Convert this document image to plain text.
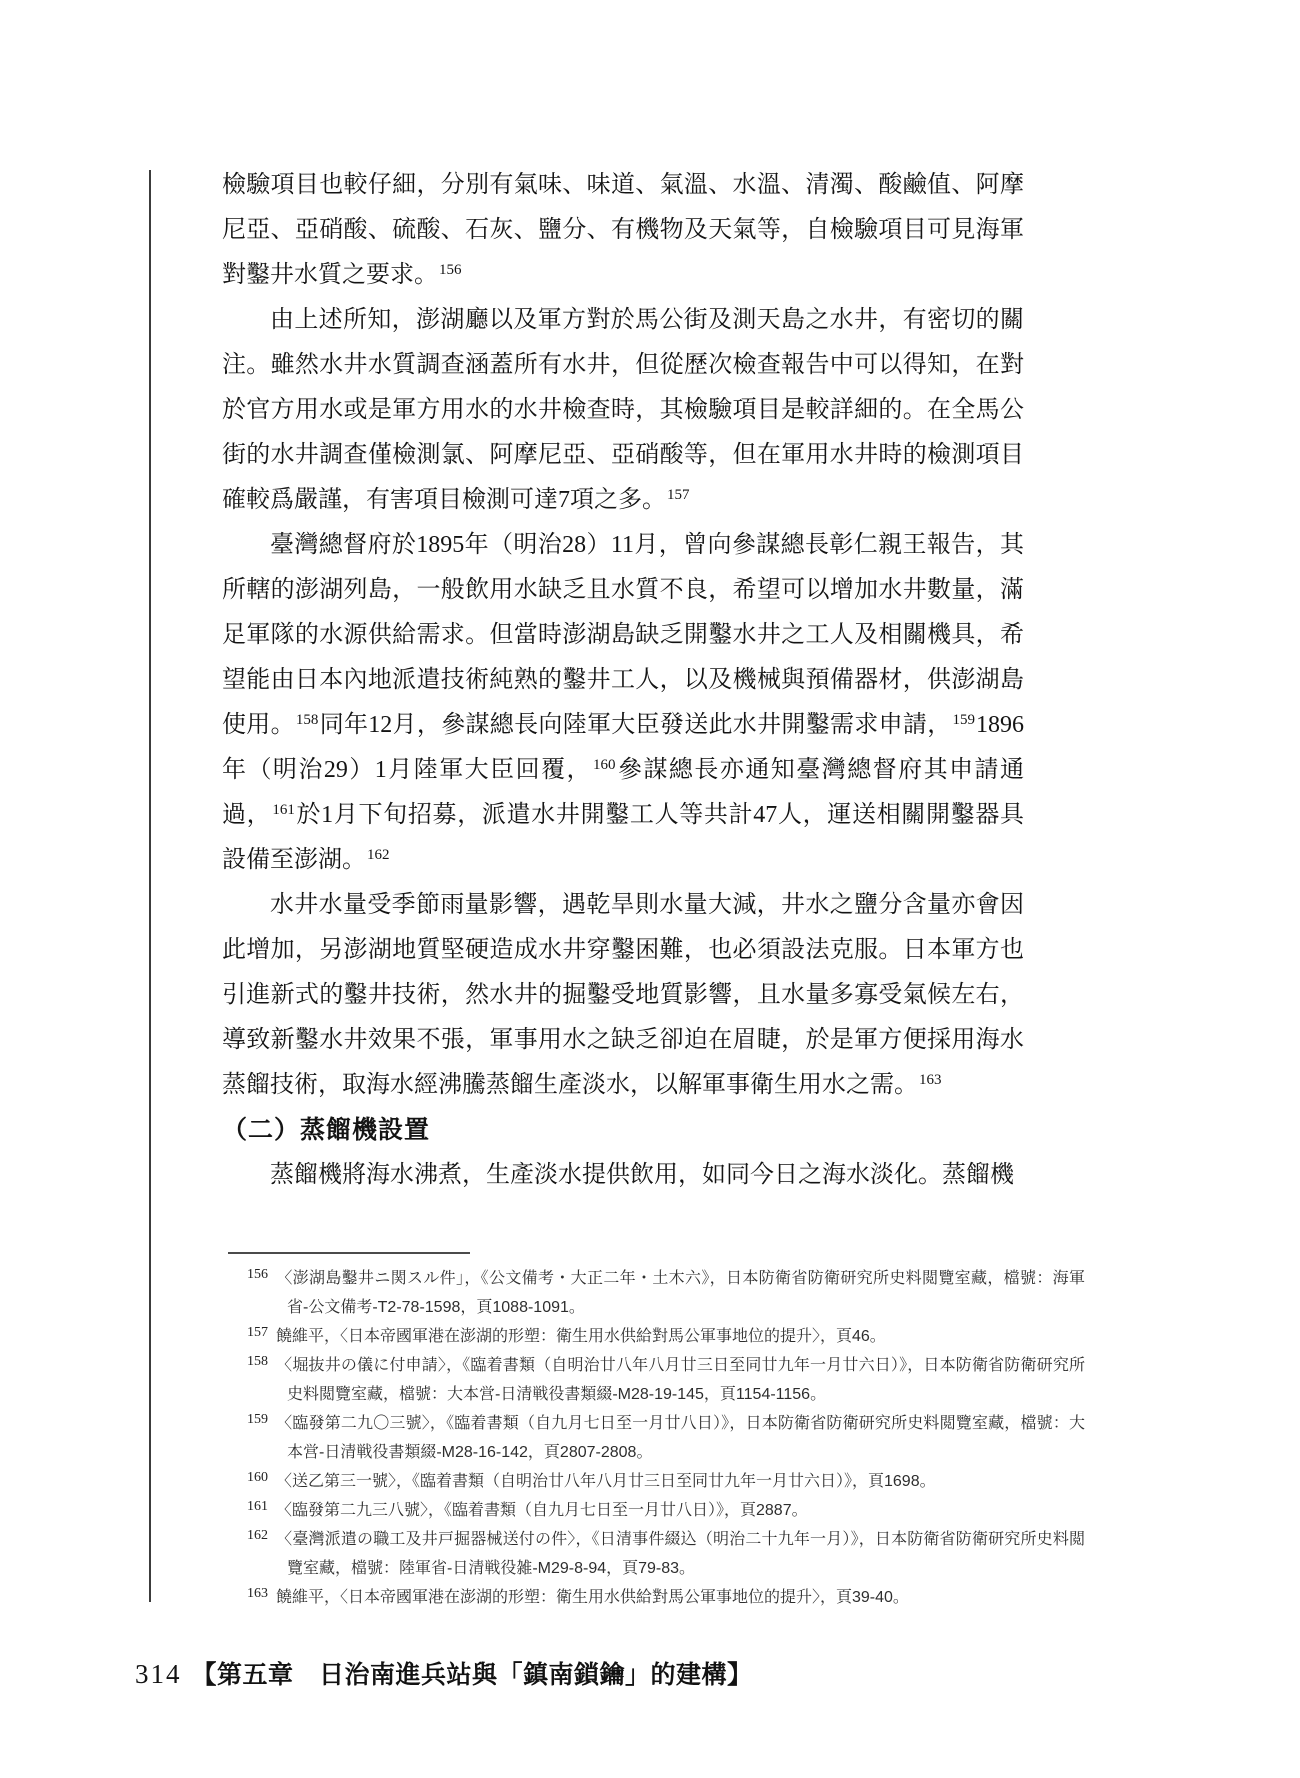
檢驗項目也較仔細，分別有氣味、味道、氣溫、水溫、清濁、酸鹼值、阿摩尼亞、亞硝酸、硫酸、石灰、鹽分、有機物及天氣等，自檢驗項目可見海軍對鑿井水質之要求。$^{156}$

由上述所知，澎湖廳以及軍方對於馬公街及測天島之水井，有密切的關注。雖然水井水質調查涵蓋所有水井，但從歷次檢查報告中可以得知，在對於官方用水或是軍方用水的水井檢查時，其檢驗項目是較詳細的。在全馬公街的水井調查僅檢測氯、阿摩尼亞、亞硝酸等，但在軍用水井時的檢測項目確較爲嚴謹，有害項目檢測可達7項之多。$^{157}$

臺灣總督府於1895年（明治28）11月，曾向參謀總長彰仁親王報告，其所轄的澎湖列島，一般飲用水缺乏且水質不良，希望可以增加水井數量，滿足軍隊的水源供給需求。但當時澎湖島缺乏開鑿水井之工人及相關機具，希望能由日本內地派遣技術純熟的鑿井工人，以及機械與預備器材，供澎湖島使用。$^{158}$同年12月，參謀總長向陸軍大臣發送此水井開鑿需求申請，$^{159}$1896年（明治29）1月陸軍大臣回覆，$^{160}$參謀總長亦通知臺灣總督府其申請通過，$^{161}$於1月下旬招募，派遣水井開鑿工人等共計47人，運送相關開鑿器具設備至澎湖。$^{162}$

水井水量受季節雨量影響，遇乾旱則水量大減，井水之鹽分含量亦會因此增加，另澎湖地質堅硬造成水井穿鑿困難，也必須設法克服。日本軍方也引進新式的鑿井技術，然水井的掘鑿受地質影響，且水量多寡受氣候左右，導致新鑿水井效果不張，軍事用水之缺乏卻迫在眉睫，於是軍方便採用海水蒸餾技術，取海水經沸騰蒸餾生產淡水，以解軍事衛生用水之需。$^{163}$

（二）蒸餾機設置

蒸餾機將海水沸煮，生產淡水提供飲用，如同今日之海水淡化。蒸餾機

$^{156}$ 〈澎湖島鑿井ニ関スル件」，《公文備考・大正二年・土木六》，日本防衛省防衛研究所史料閲覽室藏，檔號：海軍省-公文備考-T2-78-1598，頁1088-1091。

$^{157}$ 饒維平，〈日本帝國軍港在澎湖的形塑：衛生用水供給對馬公軍事地位的提升〉，頁46。

$^{158}$ 〈堀抜井の儀に付申請〉，《臨着書類（自明治廿八年八月廿三日至同廿九年一月廿六日）》，日本防衛省防衛研究所史料閲覽室藏，檔號：大本営-日清戦役書類綴-M28-19-145，頁1154-1156。

$^{159}$ 〈臨發第二九〇三號〉，《臨着書類（自九月七日至一月廿八日）》，日本防衛省防衛研究所史料閲覽室藏，檔號：大本営-日清戦役書類綴-M28-16-142，頁2807-2808。

$^{160}$ 〈送乙第三一號〉，《臨着書類（自明治廿八年八月廿三日至同廿九年一月廿六日）》，頁1698。

$^{161}$ 〈臨發第二九三八號〉，《臨着書類（自九月七日至一月廿八日）》，頁2887。

$^{162}$ 〈臺灣派遣の職工及井戸掘器械送付の件〉，《日清事件綴込（明治二十九年一月）》，日本防衛省防衛研究所史料閲覽室藏，檔號：陸軍省-日清戦役雑-M29-8-94，頁79-83。

$^{163}$ 饒維平，〈日本帝國軍港在澎湖的形塑：衛生用水供給對馬公軍事地位的提升〉，頁39-40。

314 【第五章　日治南進兵站與「鎮南鎖鑰」的建構】
